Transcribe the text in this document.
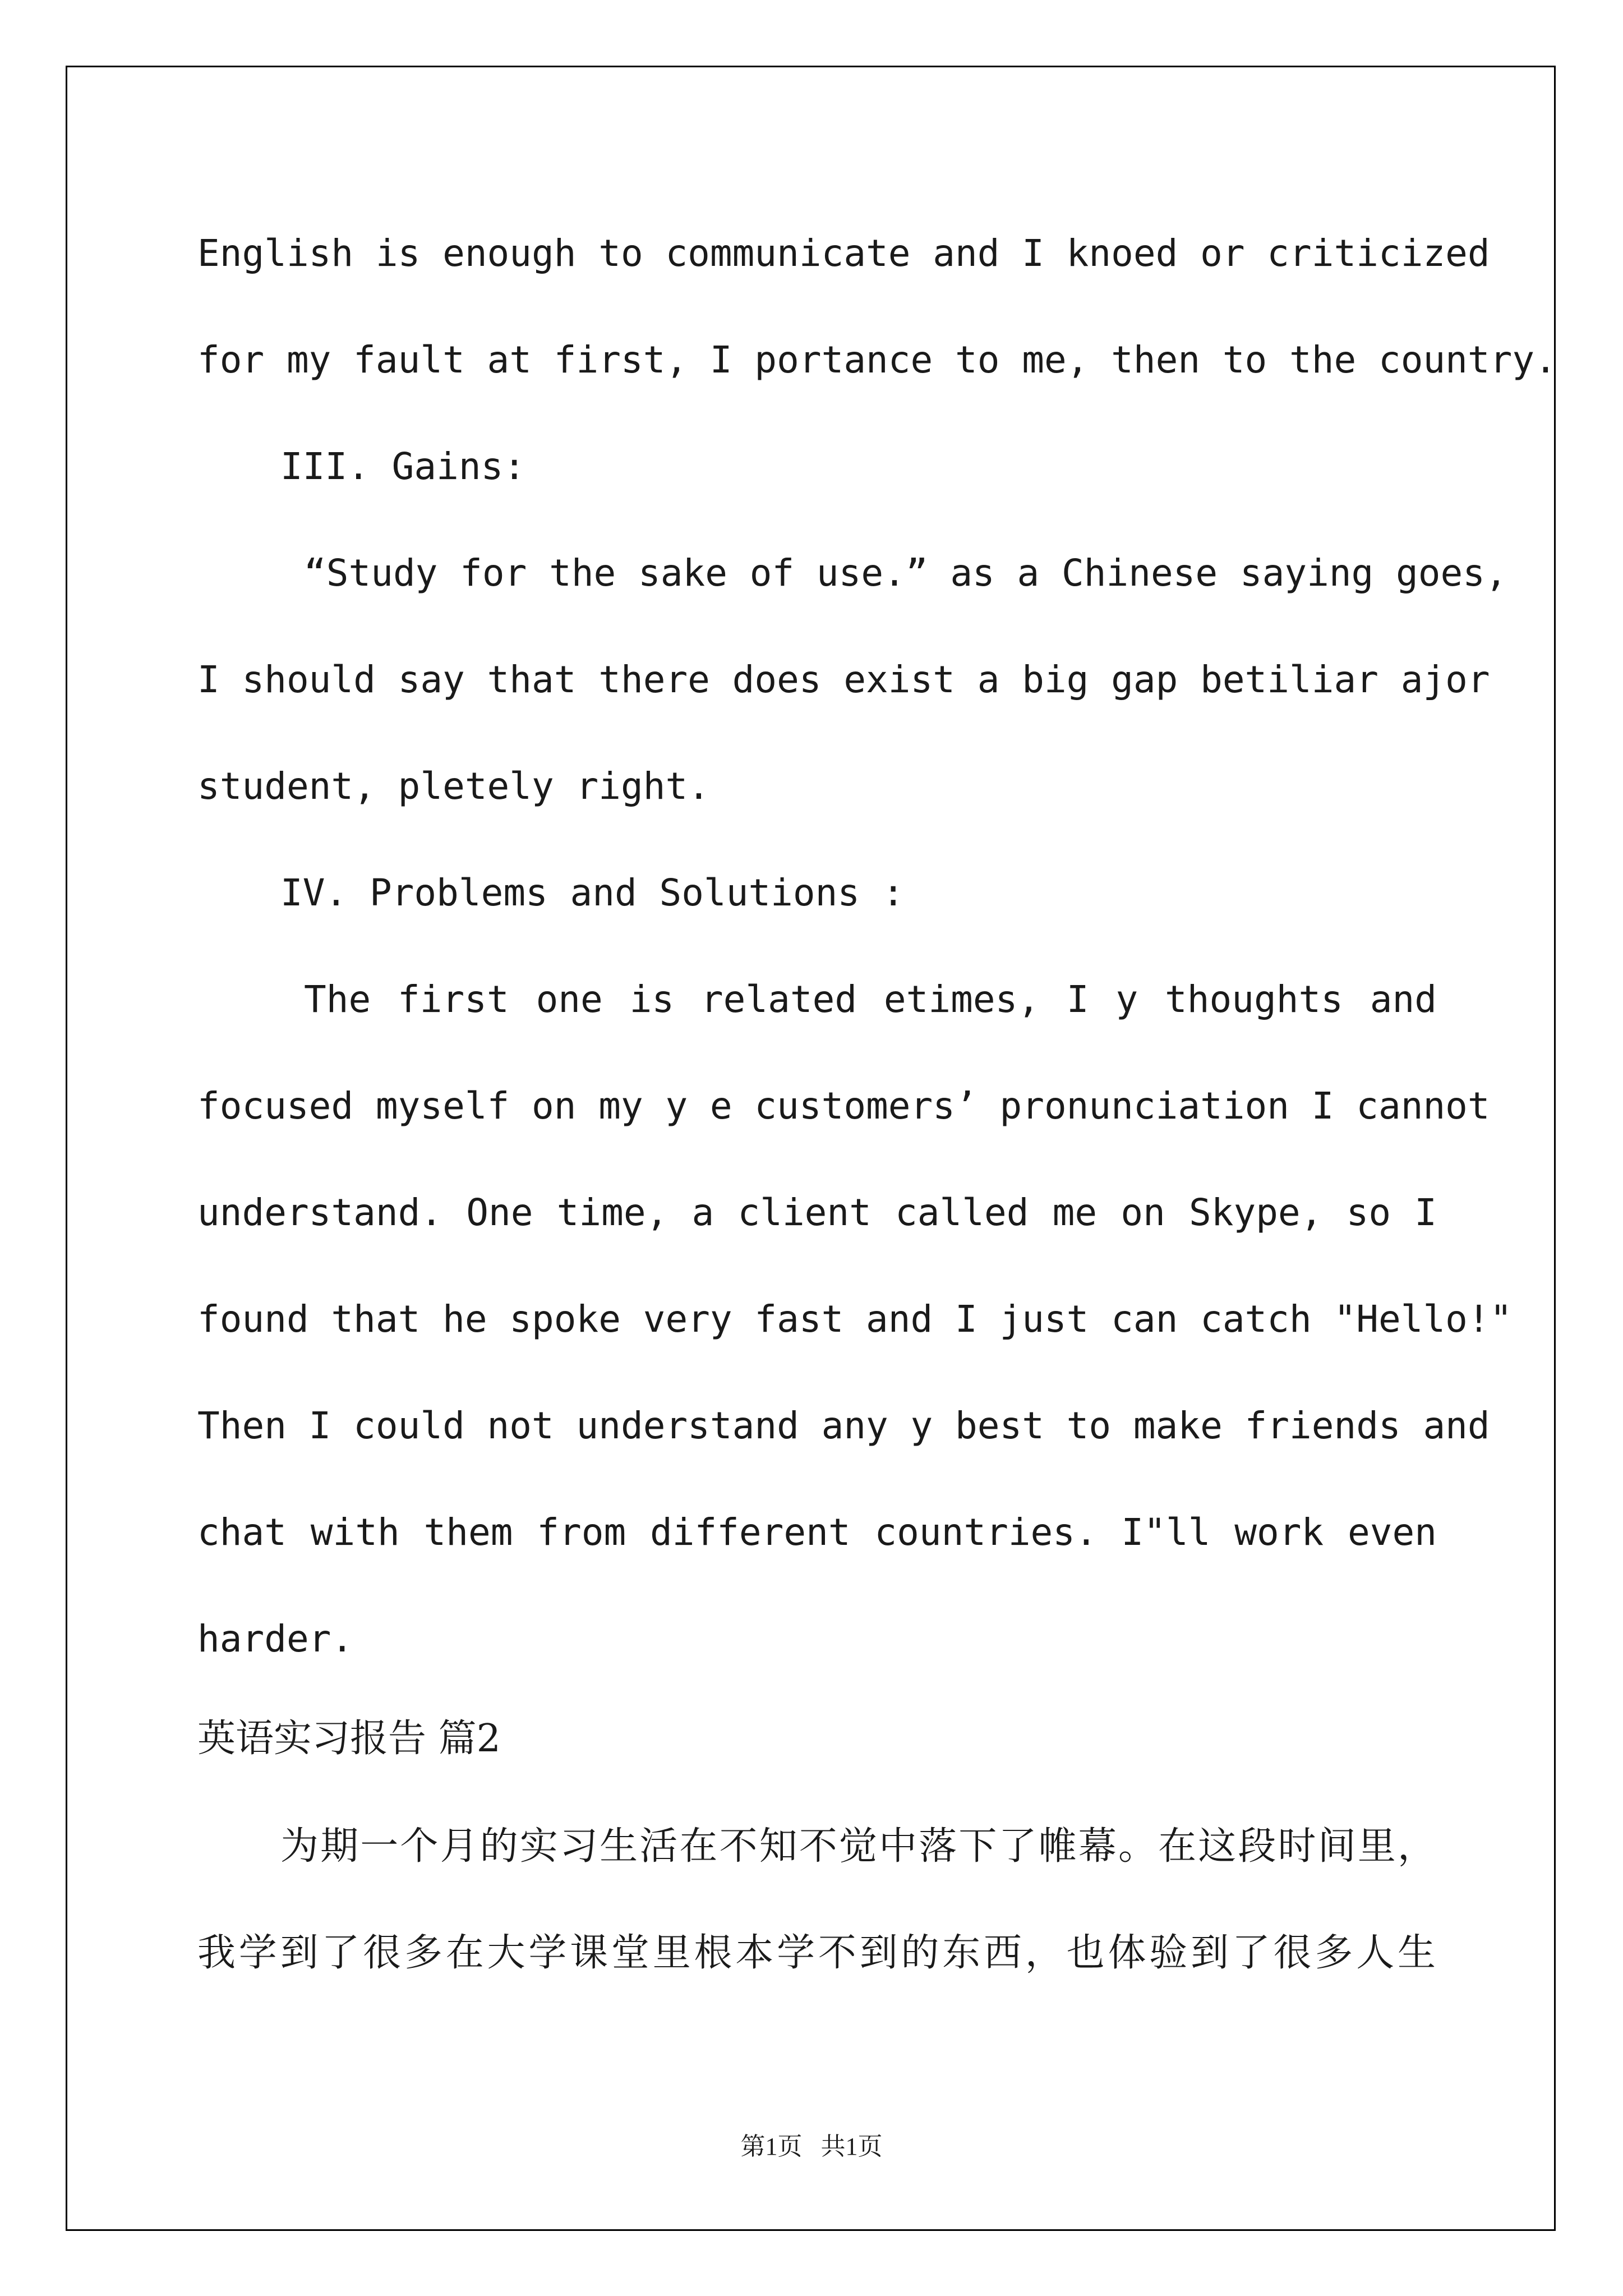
English is enough to communicate and I knoed or criticized
for my fault at first, I portance to me, then to the country.
III. Gains:
“Study for the sake of use.” as a Chinese saying goes,
I should say that there does exist a big gap betiliar ajor
student, pletely right.
IV. Problems and Solutions :
The first one is related etimes, I y thoughts and
focused myself on my y e customers’ pronunciation I cannot
understand. One time, a client called me on Skype, so I
found that he spoke very fast and I just can catch "Hello!"
Then I could not understand any y best to make friends and
chat with them from different countries. I"ll work even
harder.
英语实习报告 篇2
为期一个月的实习生活在不知不觉中落下了帷幕。在这段时间里，
我学到了很多在大学课堂里根本学不到的东西，也体验到了很多人生
第1页   共1页
